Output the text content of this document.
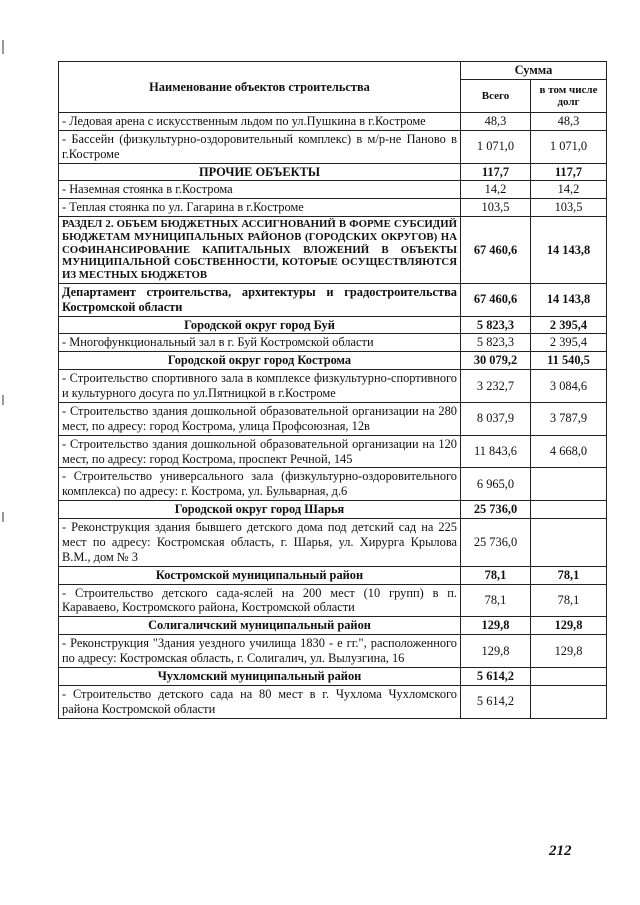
Наименование объектов строительства	Сумма	
	Всего	в том числе долг
- Ледовая арена с искусственным льдом по ул.Пушкина в г.Костроме	48,3	48,3
- Бассейн (физкультурно-оздоровительный комплекс) в м/р-не Паново в г.Костроме	1 071,0	1 071,0
ПРОЧИЕ ОБЪЕКТЫ	117,7	117,7
- Наземная стоянка в г.Кострома	14,2	14,2
- Теплая стоянка по ул. Гагарина в г.Костроме	103,5	103,5
РАЗДЕЛ 2. ОБЪЕМ БЮДЖЕТНЫХ АССИГНОВАНИЙ В ФОРМЕ СУБСИДИЙ БЮДЖЕТАМ МУНИЦИПАЛЬНЫХ РАЙОНОВ (ГОРОДСКИХ ОКРУГОВ) НА СОФИНАНСИРОВАНИЕ КАПИТАЛЬНЫХ ВЛОЖЕНИЙ В ОБЪЕКТЫ МУНИЦИПАЛЬНОЙ СОБСТВЕННОСТИ, КОТОРЫЕ ОСУЩЕСТВЛЯЮТСЯ ИЗ МЕСТНЫХ БЮДЖЕТОВ	67 460,6	14 143,8
Департамент строительства, архитектуры и градостроительства Костромской области	67 460,6	14 143,8
Городской округ город Буй	5 823,3	2 395,4
- Многофункциональный зал в г. Буй Костромской области	5 823,3	2 395,4
Городской округ город Кострома	30 079,2	11 540,5
- Строительство спортивного зала в комплексе физкультурно-спортивного и культурного досуга по ул.Пятницкой в г.Костроме	3 232,7	3 084,6
- Строительство здания дошкольной образовательной организации на 280 мест, по адресу: город Кострома, улица Профсоюзная, 12в	8 037,9	3 787,9
- Строительство здания дошкольной образовательной организации на 120 мест, по адресу: город Кострома, проспект Речной, 145	11 843,6	4 668,0
- Строительство универсального зала (физкультурно-оздоровительного комплекса) по адресу: г. Кострома, ул. Бульварная, д.6	6 965,0	
Городской округ город Шарья	25 736,0	
- Реконструкция здания бывшего детского дома под детский сад на 225 мест по адресу: Костромская область, г. Шарья, ул. Хирурга Крылова В.М., дом № 3	25 736,0	
Костромской муниципальный район	78,1	78,1
- Строительство детского сада-яслей на 200 мест (10 групп) в п. Караваево, Костромского района, Костромской области	78,1	78,1
Солигаличский муниципальный район	129,8	129,8
- Реконструкция "Здания уездного училища 1830 - е гг.", расположенного по адресу: Костромская область, г. Солигалич, ул. Вылузгина, 16	129,8	129,8
Чухломский муниципальный район	5 614,2	
- Строительство детского сада на 80 мест в г. Чухлома Чухломского района Костромской области	5 614,2	
212
